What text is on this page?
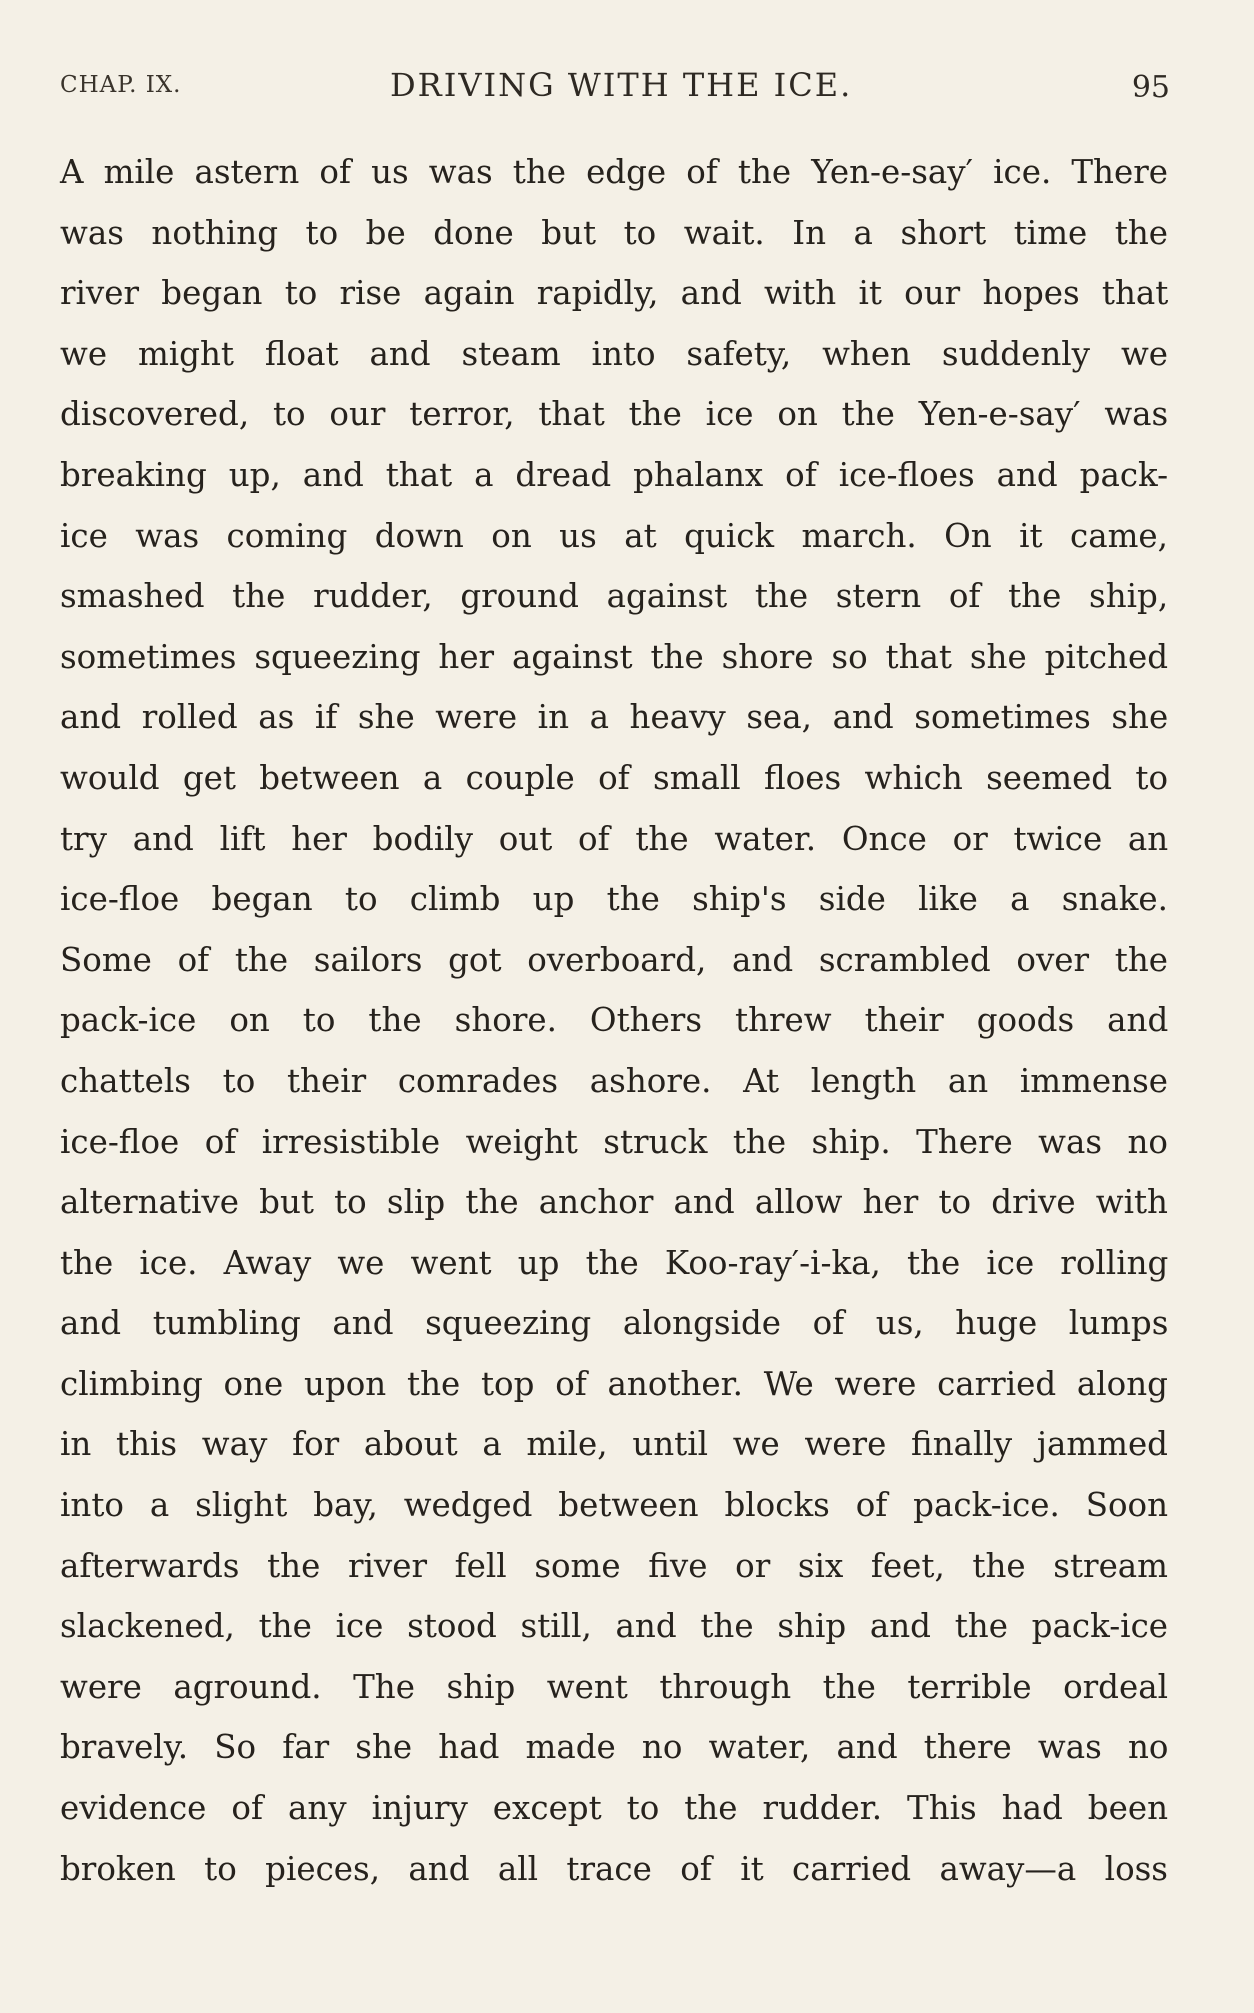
CHAP. IX.	DRIVING WITH THE ICE.	95
A mile astern of us was the edge of the Yen-e-say′ ice. There
was nothing to be done but to wait. In a short time the
river began to rise again rapidly, and with it our hopes that
we might float and steam into safety, when suddenly we
discovered, to our terror, that the ice on the Yen-e-say′ was
breaking up, and that a dread phalanx of ice-floes and pack-
ice was coming down on us at quick march. On it came,
smashed the rudder, ground against the stern of the ship,
sometimes squeezing her against the shore so that she pitched
and rolled as if she were in a heavy sea, and sometimes she
would get between a couple of small floes which seemed to
try and lift her bodily out of the water. Once or twice an
ice-floe began to climb up the ship's side like a snake.
Some of the sailors got overboard, and scrambled over the
pack-ice on to the shore. Others threw their goods and
chattels to their comrades ashore. At length an immense
ice-floe of irresistible weight struck the ship. There was no
alternative but to slip the anchor and allow her to drive with
the ice. Away we went up the Koo-ray′-i-ka, the ice rolling
and tumbling and squeezing alongside of us, huge lumps
climbing one upon the top of another. We were carried along
in this way for about a mile, until we were finally jammed
into a slight bay, wedged between blocks of pack-ice. Soon
afterwards the river fell some five or six feet, the stream
slackened, the ice stood still, and the ship and the pack-ice
were aground. The ship went through the terrible ordeal
bravely. So far she had made no water, and there was no
evidence of any injury except to the rudder. This had been
broken to pieces, and all trace of it carried away—a loss
